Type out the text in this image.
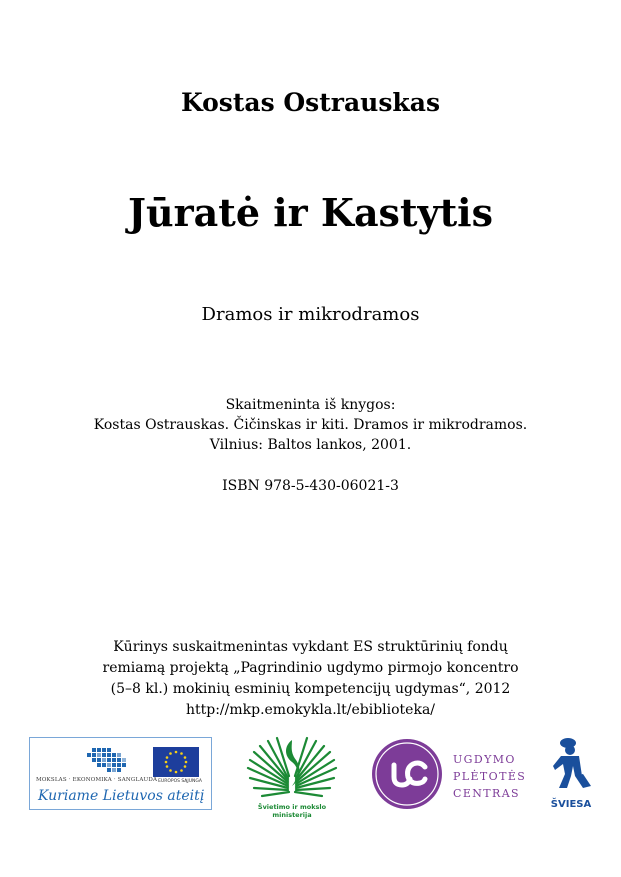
Kostas Ostrauskas
Jūratė ir Kastytis
Dramos ir mikrodramos
Skaitmeninta iš knygos:
Kostas Ostrauskas. Čičinskas ir kiti. Dramos ir mikrodramos.
Vilnius: Baltos lankos, 2001.
ISBN 978-5-430-06021-3
Kūrinys suskaitmenintas vykdant ES struktūrinių fondų
remiamą projektą „Pagrindinio ugdymo pirmojo koncentro
(5–8 kl.) mokinių esminių kompetencijų ugdymas“, 2012
http://mkp.emokykla.lt/ebiblioteka/
MOKSLAS · EKONOMIKA · SANGLAUDA EUROPOS SĄJUNGA
Kuriame Lietuvos ateitį
Švietimo ir mokslo ministerija
UGDYMO
PLĖTOTĖS
CENTRAS
ŠVIESA
